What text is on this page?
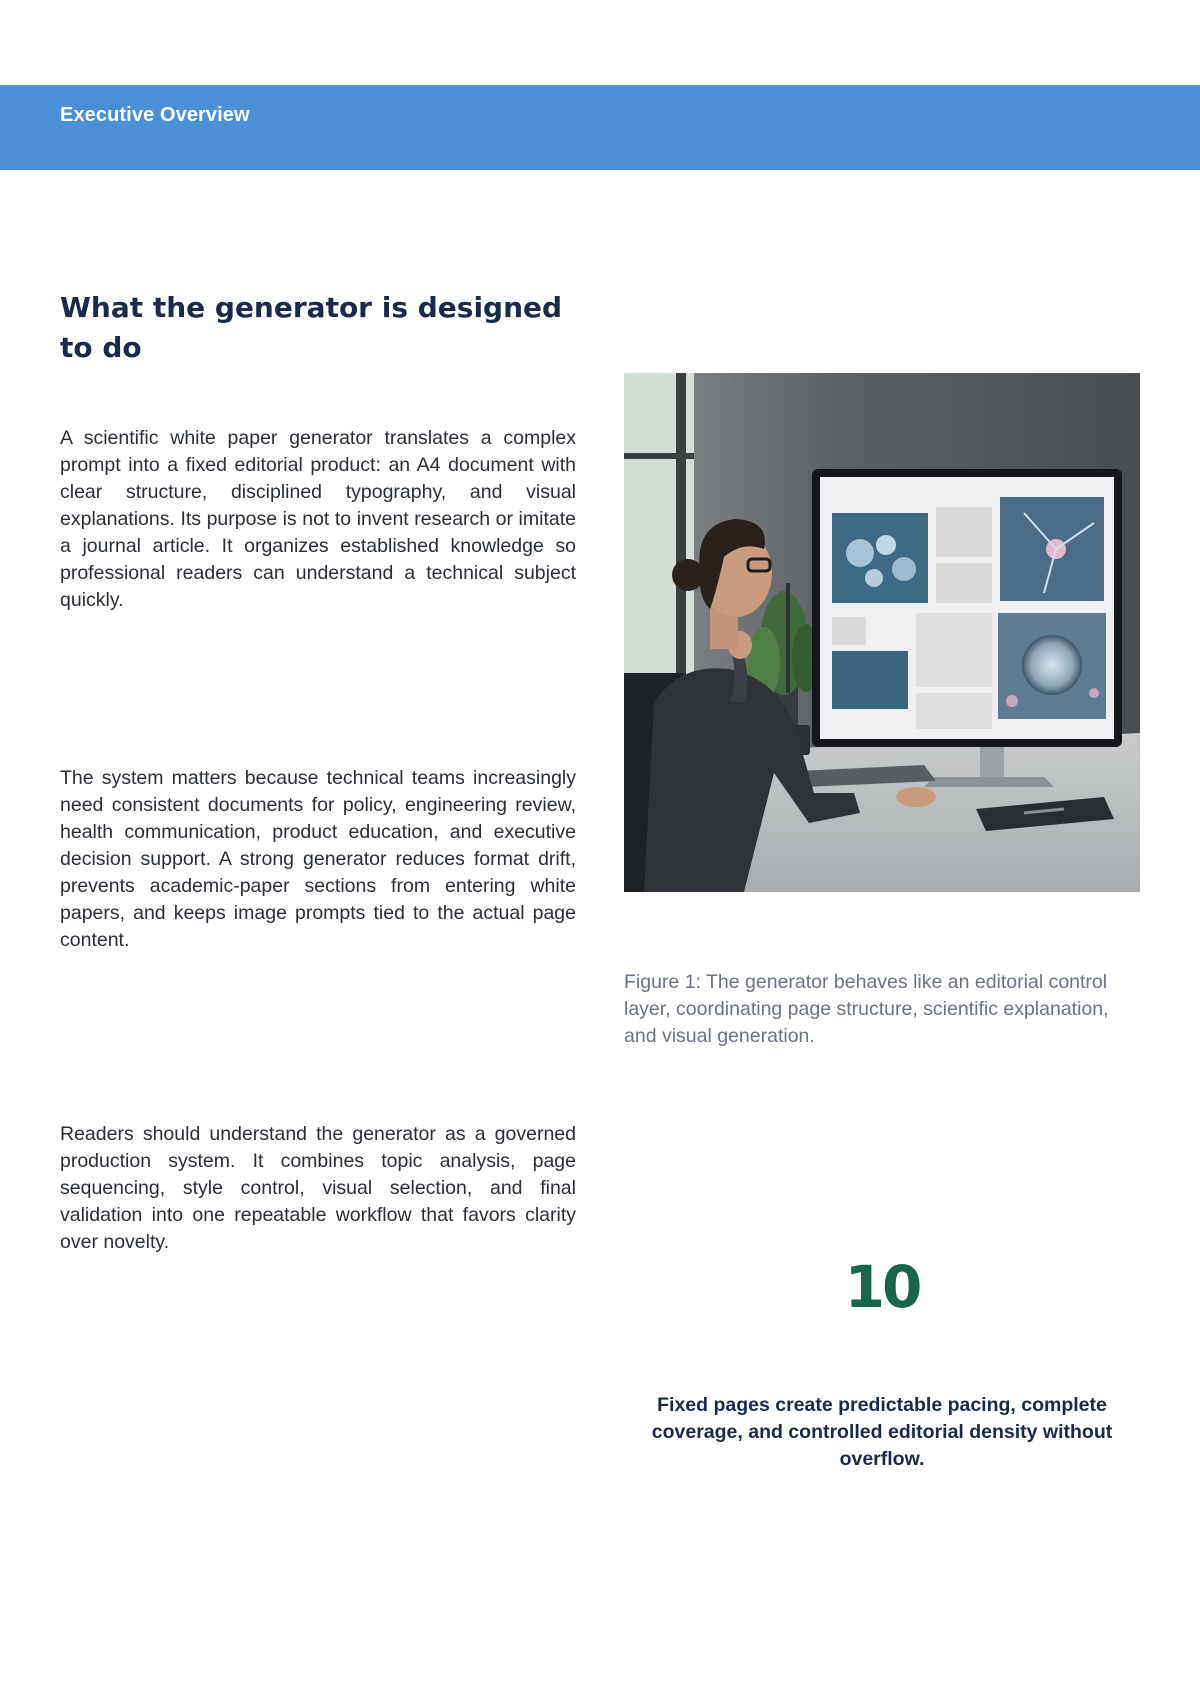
Executive Overview
What the generator is designed to do

A scientific white paper generator translates a complex prompt into a fixed editorial product: an A4 document with clear structure, disciplined typography, and visual explanations. Its purpose is not to invent research or imitate a journal article. It organizes established knowledge so professional readers can understand a technical subject quickly.

The system matters because technical teams increasingly need consistent documents for policy, engineering review, health communication, product education, and executive decision support. A strong generator reduces format drift, prevents academic-paper sections from entering white papers, and keeps image prompts tied to the actual page content.

Readers should understand the generator as a governed production system. It combines topic analysis, page sequencing, style control, visual selection, and final validation into one repeatable workflow that favors clarity over novelty.

Figure 1: The generator behaves like an editorial control layer, coordinating page structure, scientific explanation, and visual generation.

10

Fixed pages create predictable pacing, complete coverage, and controlled editorial density without overflow.
